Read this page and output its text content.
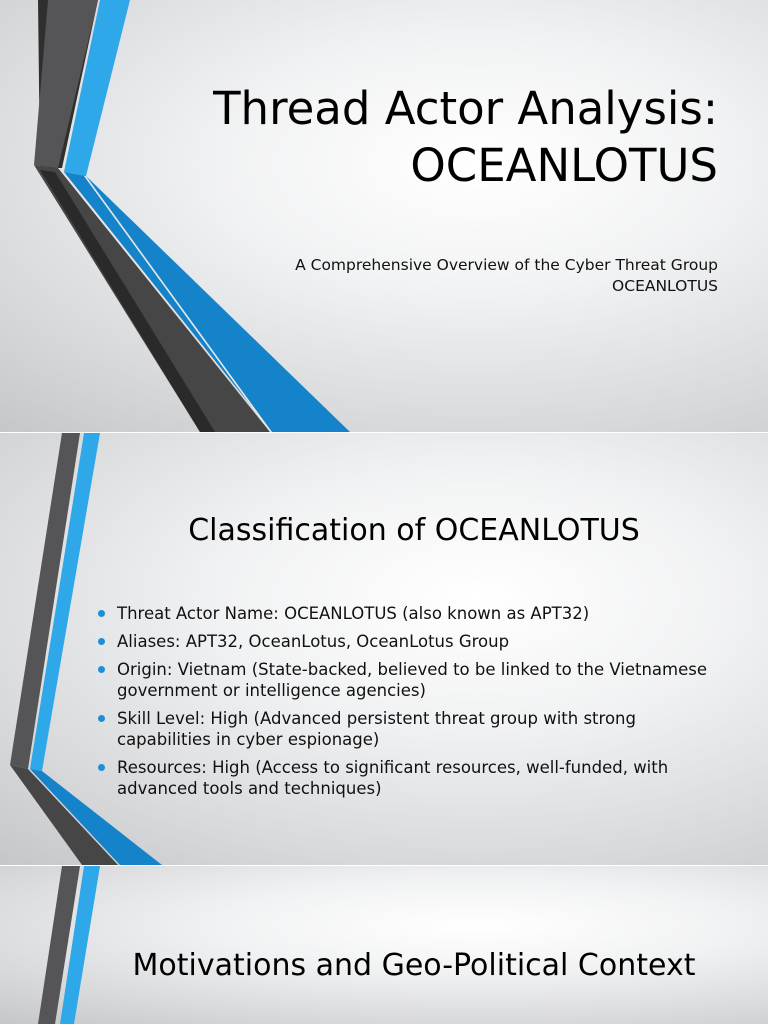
Thread Actor Analysis: OCEANLOTUS
A Comprehensive Overview of the Cyber Threat Group OCEANLOTUS
Classification of OCEANLOTUS
Threat Actor Name: OCEANLOTUS (also known as APT32)
Aliases: APT32, OceanLotus, OceanLotus Group
Origin: Vietnam (State-backed, believed to be linked to the Vietnamese government or intelligence agencies)
Skill Level: High (Advanced persistent threat group with strong capabilities in cyber espionage)
Resources: High (Access to significant resources, well-funded, with advanced tools and techniques)
Motivations and Geo-Political Context
